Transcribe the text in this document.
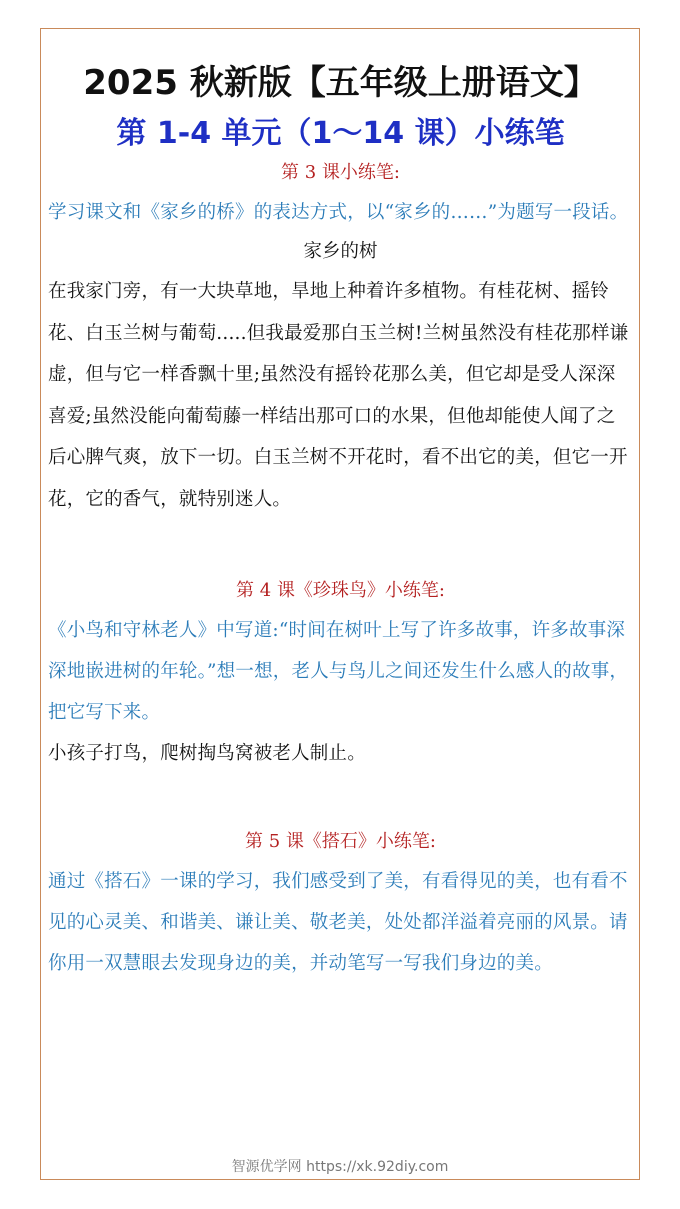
2025 秋新版【五年级上册语文】
第 1-4 单元（1～14 课）小练笔

第 3 课小练笔:

学习课文和《家乡的桥》的表达方式，以“家乡的……”为题写一段话。

家乡的树

在我家门旁，有一大块草地，旱地上种着许多植物。有桂花树、摇铃花、白玉兰树与葡萄.....但我最爱那白玉兰树!兰树虽然没有桂花那样谦虚，但与它一样香飘十里;虽然没有摇铃花那么美，但它却是受人深深喜爱;虽然没能向葡萄藤一样结出那可口的水果，但他却能使人闻了之后心脾气爽，放下一切。白玉兰树不开花时，看不出它的美，但它一开花，它的香气，就特别迷人。

第 4 课《珍珠鸟》小练笔:

《小鸟和守林老人》中写道:“时间在树叶上写了许多故事，许多故事深深地嵌进树的年轮。”想一想，老人与鸟儿之间还发生什么感人的故事，把它写下来。

小孩子打鸟，爬树掏鸟窝被老人制止。

第 5 课《搭石》小练笔:

通过《搭石》一课的学习，我们感受到了美，有看得见的美，也有看不见的心灵美、和谐美、谦让美、敬老美，处处都洋溢着亮丽的风景。请你用一双慧眼去发现身边的美，并动笔写一写我们身边的美。

智源优学网 https://xk.92diy.com
